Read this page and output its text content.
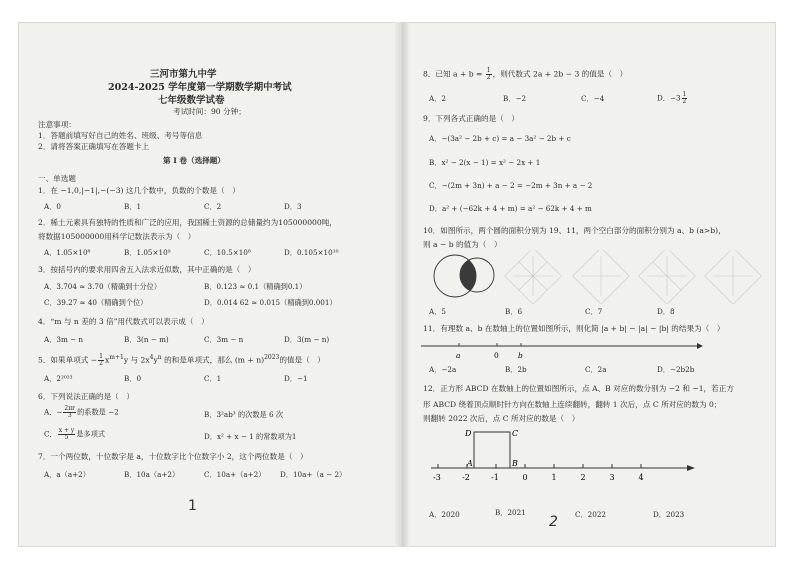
三河市第九中学
2024-2025 学年度第一学期数学期中考试
七年级数学试卷
考试时间：90 分钟；
注意事项：
1．答题前填写好自己的姓名、班级、考号等信息
2．请将答案正确填写在答题卡上
第 I 卷（选择题）
一、单选题
1．在 −1,0,|−1|,−(−3) 这几个数中，负数的个数是（　）
A．0	B．1	C．2	D．3
2．稀土元素具有独特的性质和广泛的应用，我国稀土资源的总储量约为105000000吨，
将数据105000000用科学记数法表示为（　）
A．1.05×10⁸	B．1.05×10⁹	C．10.5×10⁸	D．0.105×10¹⁰
3．按括号内的要求用四舍五入法求近似数，其中正确的是（　）
A．3.704 ≈ 3.70（精确到十分位）	B．0.123 ≈ 0.1（精确到0.1）
C．39.27 ≈ 40（精确到个位）	D．0.014 62 ≈ 0.015（精确到0.001）
4．“m 与 n 差的 3 倍”用代数式可以表示成（　）
A．3m − n	B．3(n − m)	C．3m − n	D．3(m − n)
5．如果单项式 − $\frac{1}{2} x^{m+1}y$ 与 $2x^4y^n$ 的和是单项式，那么 $(m + n)^{2023}$的值是（　）
A．2²⁰²³	B．0	C．1	D．−1
6．下列说法正确的是（　）
A．− $\frac{2\pi r}{3}$ 的系数是 −2	B．3²ab³ 的次数是 6 次
C． $\frac{x + y}{5}$ 是多项式	D．x² + x − 1 的常数项为1
7．一个两位数，十位数字是 a，十位数字比个位数字小 2，这个两位数是（　）
A．a（a+2）	B．10a（a+2）	C．10a+（a+2） D．10a+（a − 2）
1
8．已知 $a + b = \frac{1}{2}$ ，则代数式 2a + 2b − 3 的值是（　）
A．2	B．−2	C．−4	D．$-3 \frac{1}{2}$
9．下列各式正确的是（　）
A．−(3a² − 2b + c) = a − 3a² − 2b + c
B．x² − 2(x − 1) = x² − 2x + 1
C．−(2m + 3n) + a − 2 = −2m + 3n + a − 2
D．a² + (−62k + 4 + m) = a² − 62k + 4 + m
10．如图所示，两个圆的面积分别为 19、11，两个空白部分的面积分别为 a、b (a>b)，
则 a − b 的值为（　）
A．5	B．6	C．7	D．8
11．有理数 a、b 在数轴上的位置如图所示，则化简 |a + b| − |a| − |b| 的结果为（　）
a	0	b
A．−2a	B．2b	C．2a	D．−2b2b
12．正方形 ABCD 在数轴上的位置如图所示，点 A、B 对应的数分别为 −2 和 −1，若正方
形 ABCD 绕着顶点顺时针方向在数轴上连续翻转，翻转 1 次后，点 C 所对应的数为 0；
则翻转 2022 次后，点 C 所对应的数是（　）
D	C
A	B
-3	-2	-1	0	1	2	3	4
A．2020	B．2021	C．2022	D．2023
2
